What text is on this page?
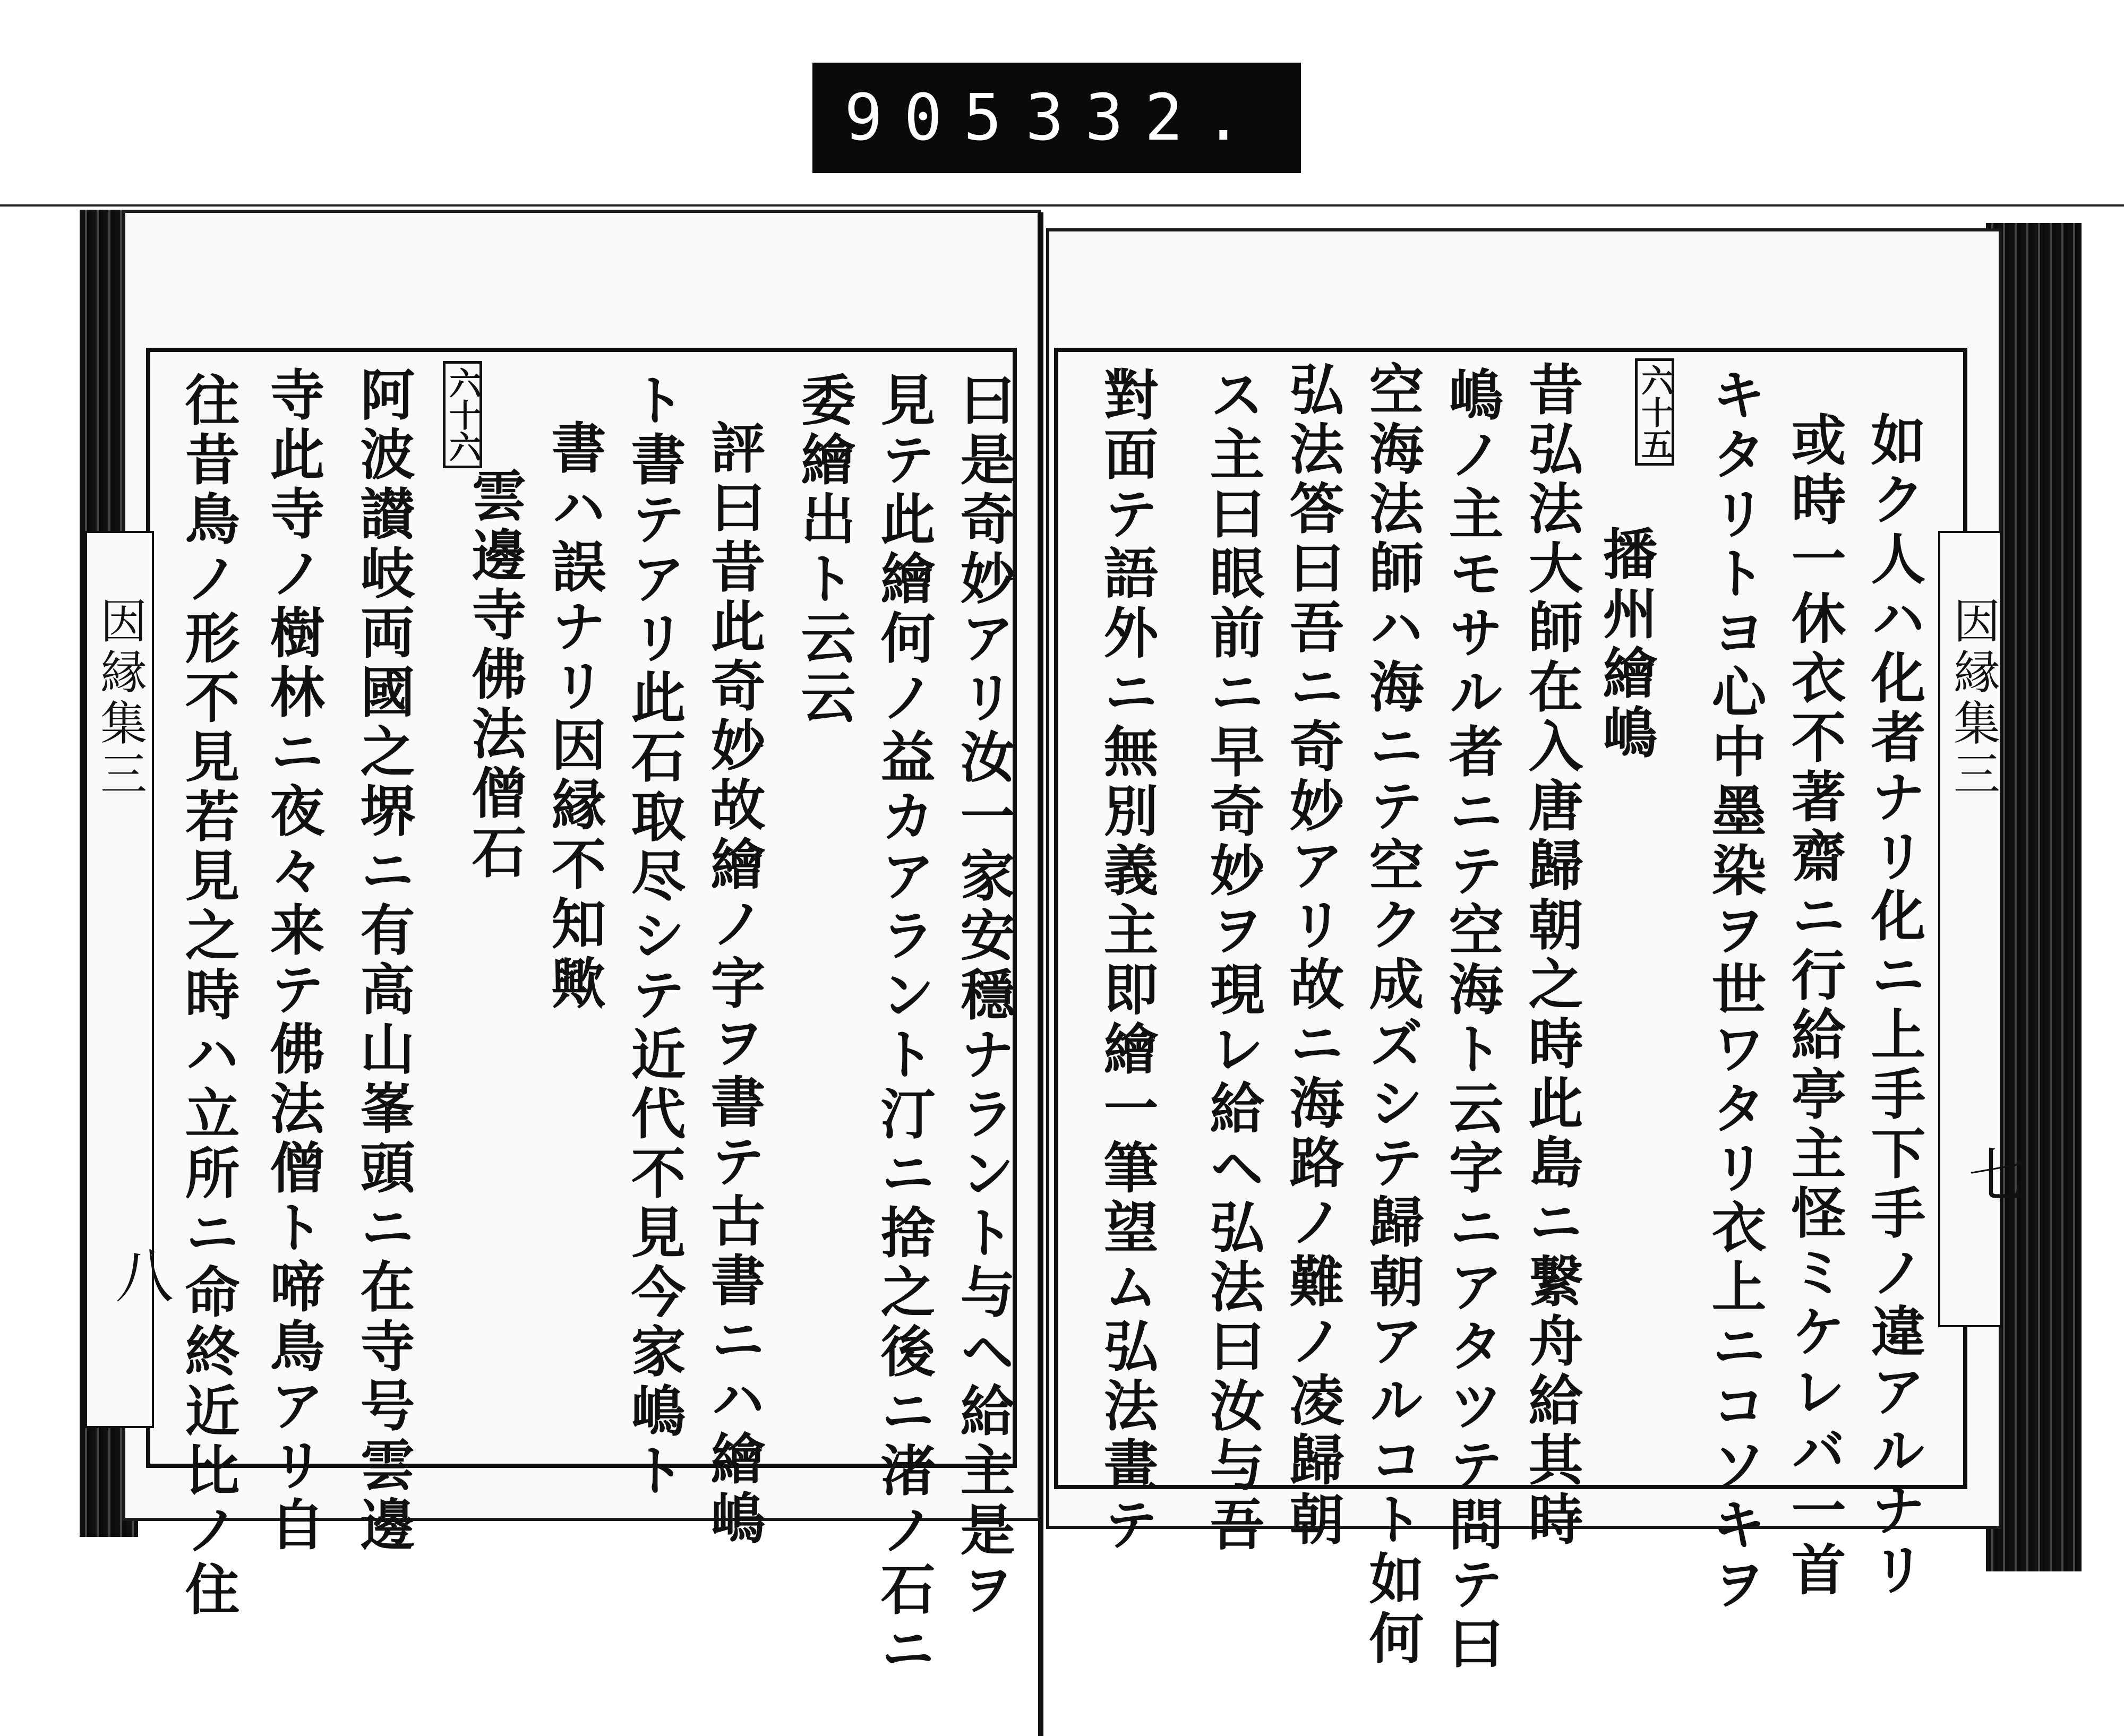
905 332.
因縁集三
八
因縁集三
七
如ク人ハ化者ナリ化ニ上手下手ノ違アルナリ
或時一休衣不著齋ニ行給亭主怪ミケレバ一首
キタリトヨ心中墨染ヲ世ワタリ衣上ニコソキヲ
六十五
播州繪嶋
昔弘法大師在入唐歸朝之時此島ニ繋舟給其時
嶋ノ主モサル者ニテ空海ト云字ニアタツテ問テ曰
空海法師ハ海ニテ空ク成ズシテ歸朝アルコト如何
弘法答曰吾ニ奇妙アリ故ニ海路ノ難ノ凌歸朝
ス主曰眼前ニ早奇妙ヲ現レ給ヘ弘法曰汝与吾
對面テ語外ニ無別義主即繪一筆望ム弘法畫テ
曰是奇妙アリ汝一家安穩ナラント与ヘ給主是ヲ
見テ此繪何ノ益カアラント汀ニ捨之後ニ渚ノ石ニ
委繪出ト云云
評曰昔此奇妙故繪ノ字ヲ書テ古書ニハ繪嶋
ト書テアリ此石取尽シテ近代不見今家嶋ト
書ハ誤ナリ因縁不知歟
雲邊寺佛法僧石
六十六
阿波讃岐両國之堺ニ有高山峯頭ニ在寺号雲邊
寺此寺ノ樹林ニ夜々来テ佛法僧ト啼鳥アリ自
往昔鳥ノ形不見若見之時ハ立所ニ命終近比ノ住
